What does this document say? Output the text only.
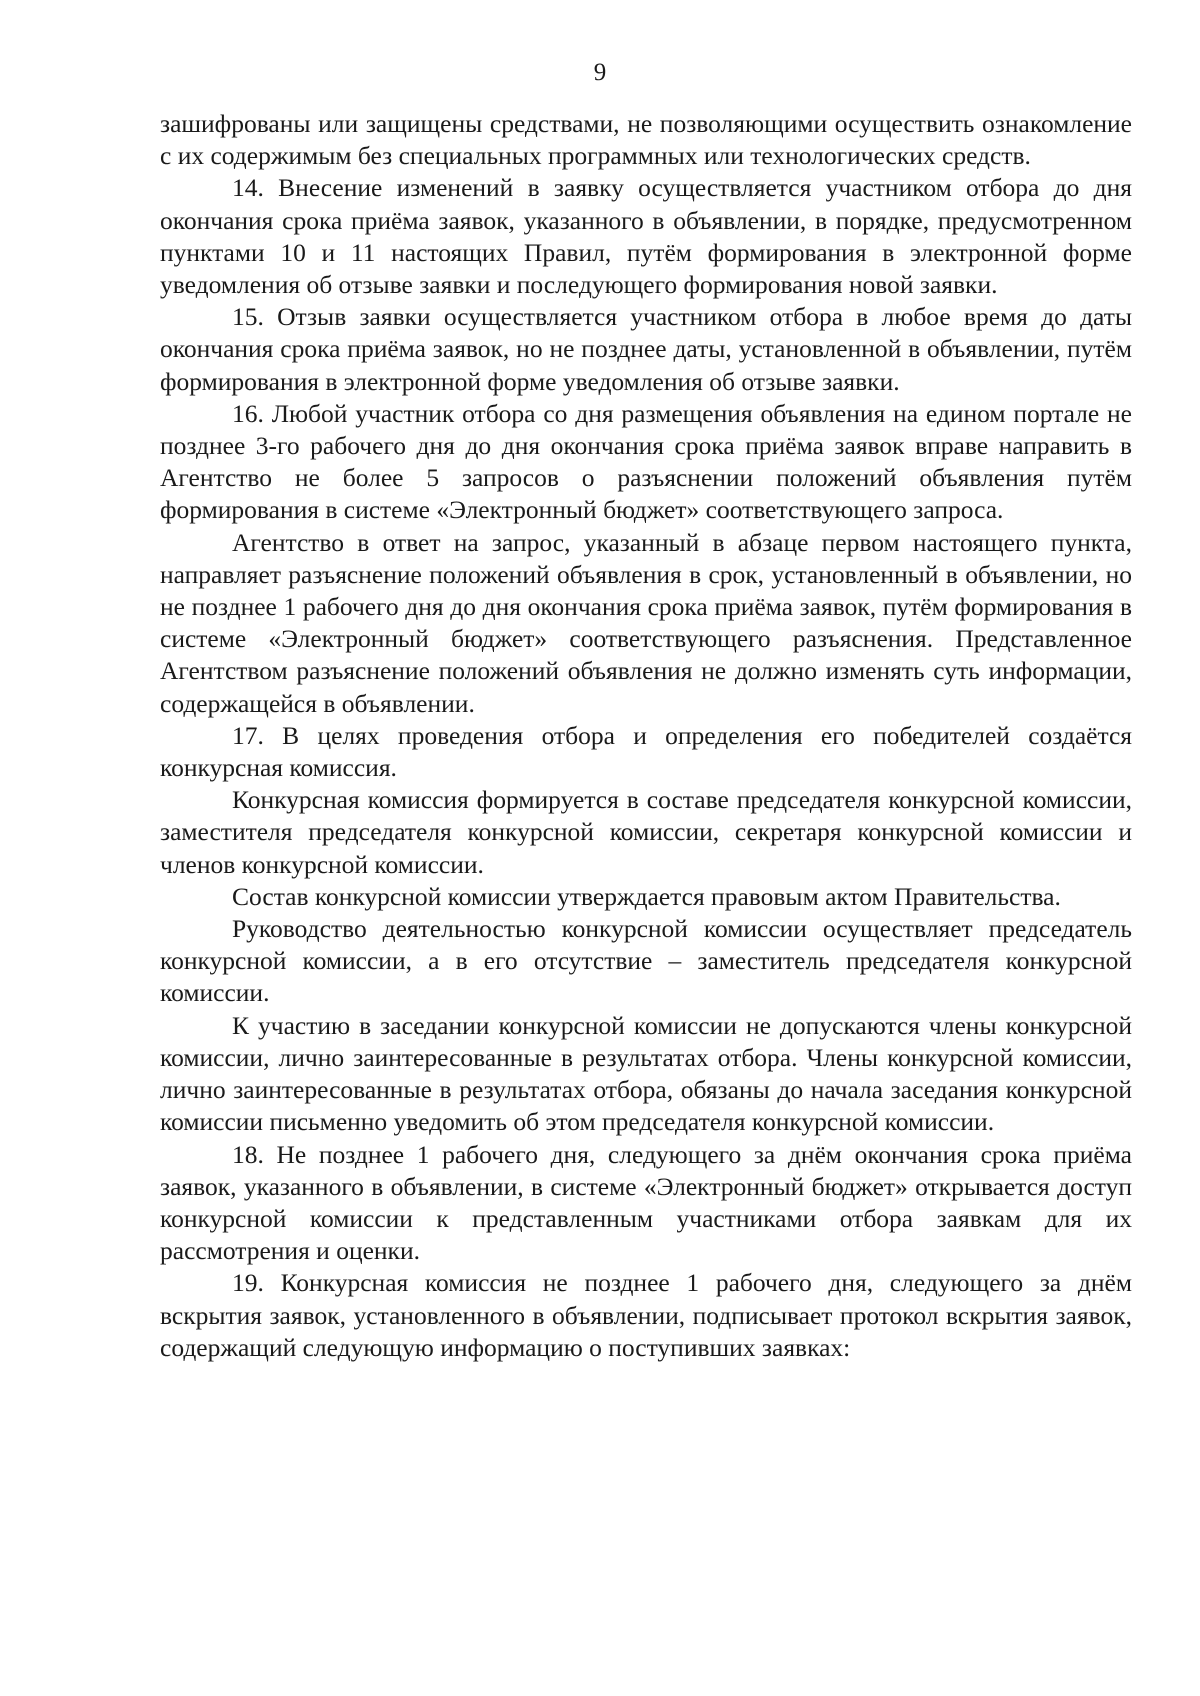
9

зашифрованы или защищены средствами, не позволяющими осуществить ознакомление с их содержимым без специальных программных или технологических средств.

14. Внесение изменений в заявку осуществляется участником отбора до дня окончания срока приёма заявок, указанного в объявлении, в порядке, предусмотренном пунктами 10 и 11 настоящих Правил, путём формирования в электронной форме уведомления об отзыве заявки и последующего формирования новой заявки.

15. Отзыв заявки осуществляется участником отбора в любое время до даты окончания срока приёма заявок, но не позднее даты, установленной в объявлении, путём формирования в электронной форме уведомления об отзыве заявки.

16. Любой участник отбора со дня размещения объявления на едином портале не позднее 3-го рабочего дня до дня окончания срока приёма заявок вправе направить в Агентство не более 5 запросов о разъяснении положений объявления путём формирования в системе «Электронный бюджет» соответствующего запроса.

Агентство в ответ на запрос, указанный в абзаце первом настоящего пункта, направляет разъяснение положений объявления в срок, установленный в объявлении, но не позднее 1 рабочего дня до дня окончания срока приёма заявок, путём формирования в системе «Электронный бюджет» соответствующего разъяснения. Представленное Агентством разъяснение положений объявления не должно изменять суть информации, содержащейся в объявлении.

17. В целях проведения отбора и определения его победителей создаётся конкурсная комиссия.

Конкурсная комиссия формируется в составе председателя конкурсной комиссии, заместителя председателя конкурсной комиссии, секретаря конкурсной комиссии и членов конкурсной комиссии.

Состав конкурсной комиссии утверждается правовым актом Правительства.

Руководство деятельностью конкурсной комиссии осуществляет председатель конкурсной комиссии, а в его отсутствие – заместитель председателя конкурсной комиссии.

К участию в заседании конкурсной комиссии не допускаются члены конкурсной комиссии, лично заинтересованные в результатах отбора. Члены конкурсной комиссии, лично заинтересованные в результатах отбора, обязаны до начала заседания конкурсной комиссии письменно уведомить об этом председателя конкурсной комиссии.

18. Не позднее 1 рабочего дня, следующего за днём окончания срока приёма заявок, указанного в объявлении, в системе «Электронный бюджет» открывается доступ конкурсной комиссии к представленным участниками отбора заявкам для их рассмотрения и оценки.

19. Конкурсная комиссия не позднее 1 рабочего дня, следующего за днём вскрытия заявок, установленного в объявлении, подписывает протокол вскрытия заявок, содержащий следующую информацию о поступивших заявках:
